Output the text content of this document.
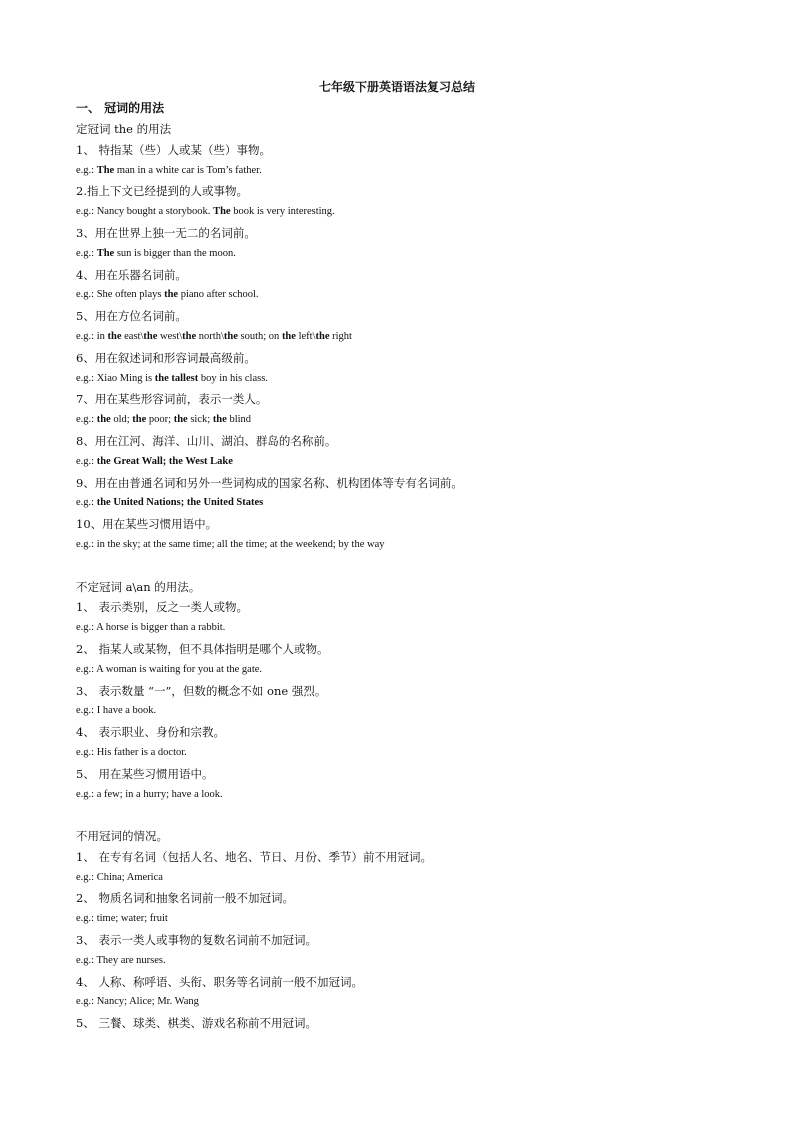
七年级下册英语语法复习总结
一、 冠词的用法
定冠词 the 的用法
1、 特指某（些）人或某（些）事物。
e.g.: The man in a white car is Tom’s father.
2.指上下文已经提到的人或事物。
e.g.: Nancy bought a storybook. The book is very interesting.
3、用在世界上独一无二的名词前。
e.g.: The sun is bigger than the moon.
4、用在乐器名词前。
e.g.: She often plays the piano after school.
5、用在方位名词前。
e.g.: in the east\the west\the north\the south; on the left\the right
6、用在叙述词和形容词最高级前。
e.g.: Xiao Ming is the tallest boy in his class.
7、用在某些形容词前，表示一类人。
e.g.: the old; the poor; the sick; the blind
8、用在江河、海洋、山川、湖泊、群岛的名称前。
e.g.: the Great Wall; the West Lake
9、用在由普通名词和另外一些词构成的国家名称、机构团体等专有名词前。
e.g.: the United Nations; the United States
10、用在某些习惯用语中。
e.g.: in the sky; at the same time; all the time; at the weekend; by the way
不定冠词 a\an 的用法。
1、 表示类别，反之一类人或物。
e.g.: A horse is bigger than a rabbit.
2、 指某人或某物，但不具体指明是哪个人或物。
e.g.: A woman is waiting for you at the gate.
3、 表示数量 “一”，但数的概念不如 one 强烈。
e.g.: I have a book.
4、 表示职业、身份和宗教。
e.g.: His father is a doctor.
5、 用在某些习惯用语中。
e.g.: a few; in a hurry; have a look.
不用冠词的情况。
1、 在专有名词（包括人名、地名、节日、月份、季节）前不用冠词。
e.g.: China; America
2、 物质名词和抽象名词前一般不加冠词。
e.g.: time; water; fruit
3、 表示一类人或事物的复数名词前不加冠词。
e.g.: They are nurses.
4、 人称、称呼语、头衔、职务等名词前一般不加冠词。
e.g.: Nancy; Alice; Mr. Wang
5、 三餐、球类、棋类、游戏名称前不用冠词。
